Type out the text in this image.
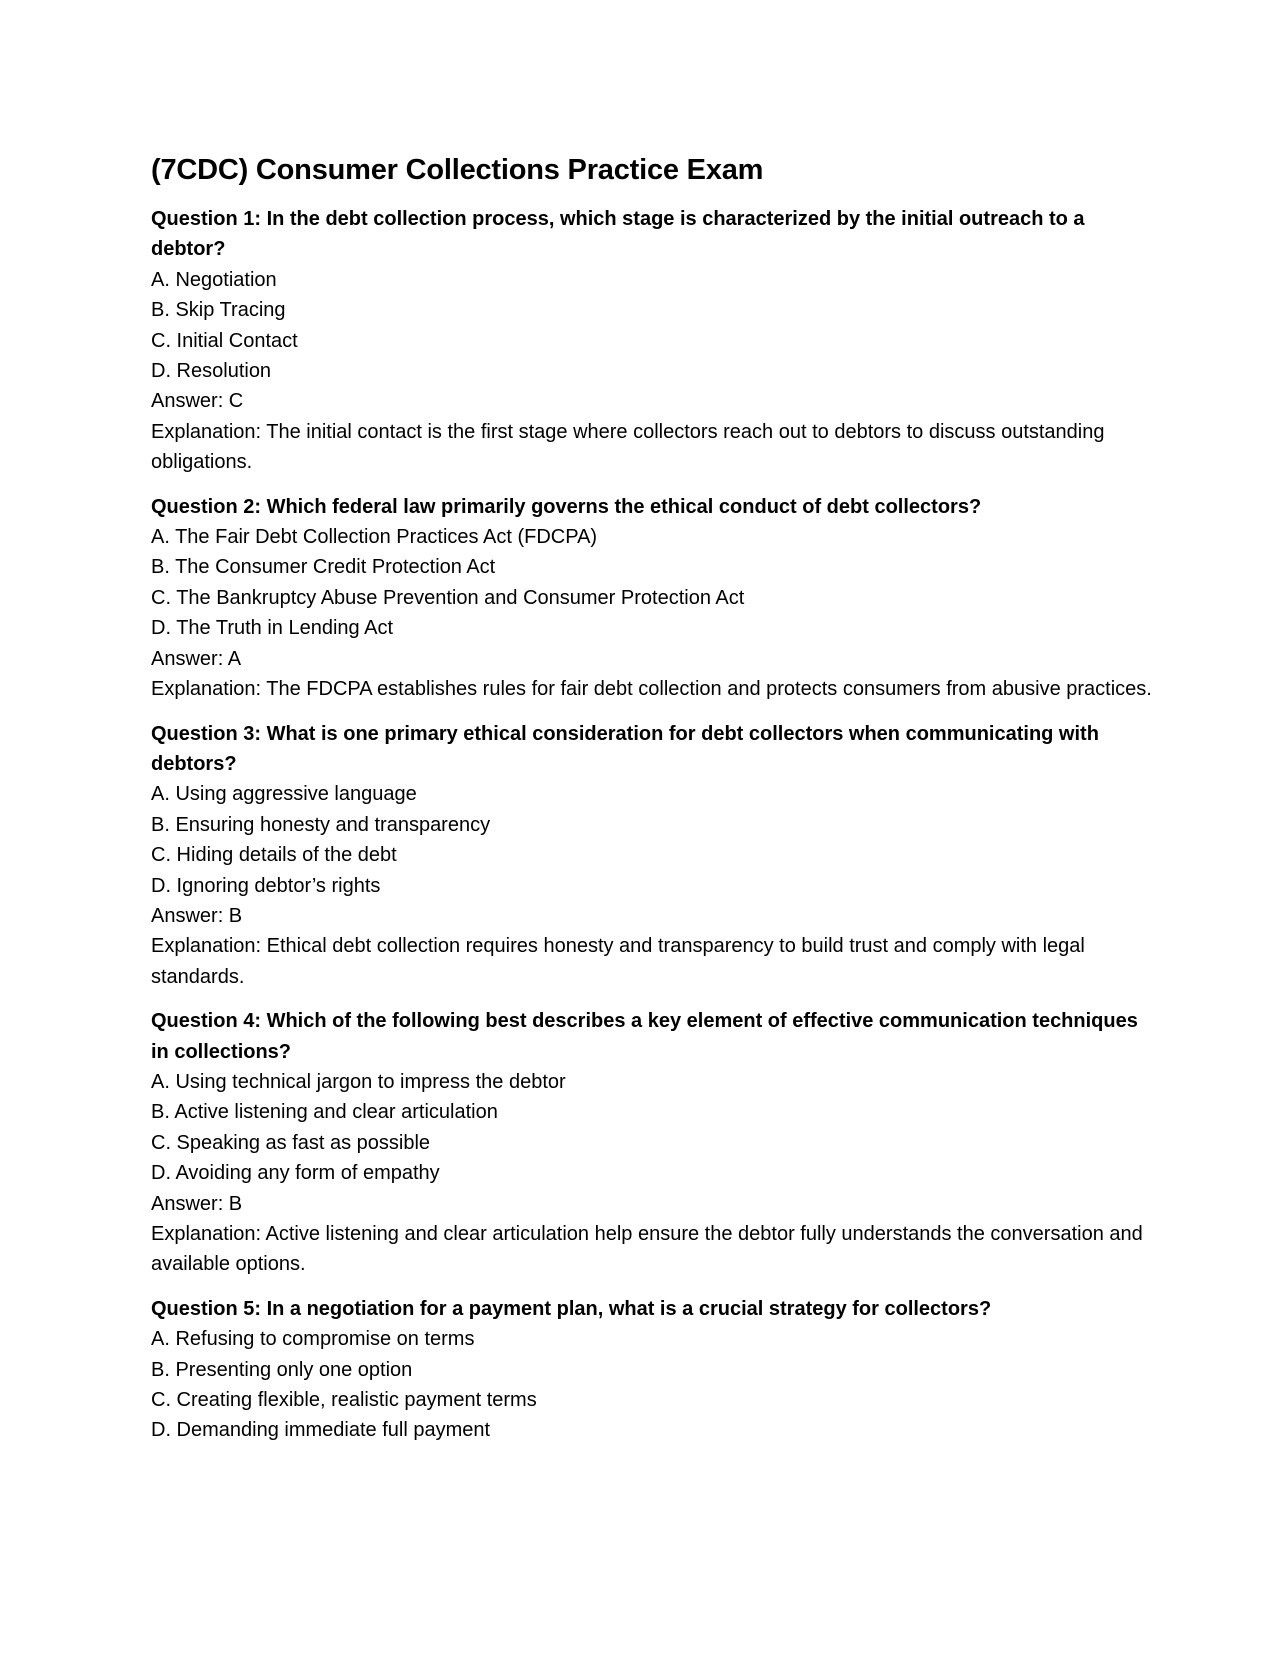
(7CDC) Consumer Collections Practice Exam

Question 1: In the debt collection process, which stage is characterized by the initial outreach to a debtor?

A. Negotiation

B. Skip Tracing

C. Initial Contact

D. Resolution

Answer: C

Explanation: The initial contact is the first stage where collectors reach out to debtors to discuss outstanding obligations.

Question 2: Which federal law primarily governs the ethical conduct of debt collectors?

A. The Fair Debt Collection Practices Act (FDCPA)

B. The Consumer Credit Protection Act

C. The Bankruptcy Abuse Prevention and Consumer Protection Act

D. The Truth in Lending Act

Answer: A

Explanation: The FDCPA establishes rules for fair debt collection and protects consumers from abusive practices.

Question 3: What is one primary ethical consideration for debt collectors when communicating with debtors?

A. Using aggressive language

B. Ensuring honesty and transparency

C. Hiding details of the debt

D. Ignoring debtor’s rights

Answer: B

Explanation: Ethical debt collection requires honesty and transparency to build trust and comply with legal standards.

Question 4: Which of the following best describes a key element of effective communication techniques in collections?

A. Using technical jargon to impress the debtor

B. Active listening and clear articulation

C. Speaking as fast as possible

D. Avoiding any form of empathy

Answer: B

Explanation: Active listening and clear articulation help ensure the debtor fully understands the conversation and available options.

Question 5: In a negotiation for a payment plan, what is a crucial strategy for collectors?

A. Refusing to compromise on terms

B. Presenting only one option

C. Creating flexible, realistic payment terms

D. Demanding immediate full payment
